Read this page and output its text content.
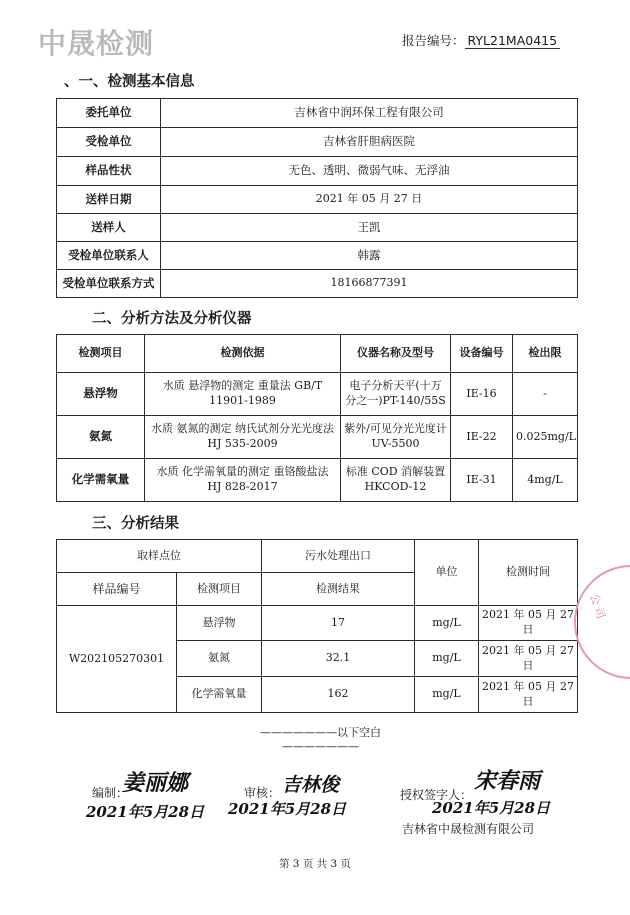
中晟检测	报告编号： RYL21MA0415
、一、检测基本信息
委托单位	吉林省中润环保工程有限公司
受检单位	吉林省肝胆病医院
样品性状	无色、透明、微弱气味、无浮油
送样日期	2021 年 05 月 27 日
送样人	王凯
受检单位联系人	韩露
受检单位联系方式	18166877391
二、分析方法及分析仪器
检测项目	检测依据	仪器名称及型号	设备编号	检出限
悬浮物	水质 悬浮物的测定 重量法 GB/T 11901-1989	电子分析天平(十万分之一)PT-140/55S	IE-16	-
氨氮	水质 氨氮的测定 纳氏试剂分光光度法 HJ 535-2009	紫外/可见分光光度计 UV-5500	IE-22	0.025mg/L
化学需氧量	水质 化学需氧量的测定 重铬酸盐法 HJ 828-2017	标准 COD 消解装置 HKCOD-12	IE-31	4mg/L
三、分析结果
取样点位		污水处理出口	单位	检测时间
样品编号	检测项目	检测结果		
W202105270301	悬浮物	17	mg/L	2021 年 05 月 27 日
	氨氮	32.1	mg/L	2021 年 05 月 27 日
	化学需氧量	162	mg/L	2021 年 05 月 27 日
———————以下空白———————
编制：
姜丽娜
2021年5月28日
审核： 吉林俊
2021年5月28日
授权签字人：
宋春雨
2021年5月28日
吉林省中晟检测有限公司
公 司
第 3 页 共 3 页
